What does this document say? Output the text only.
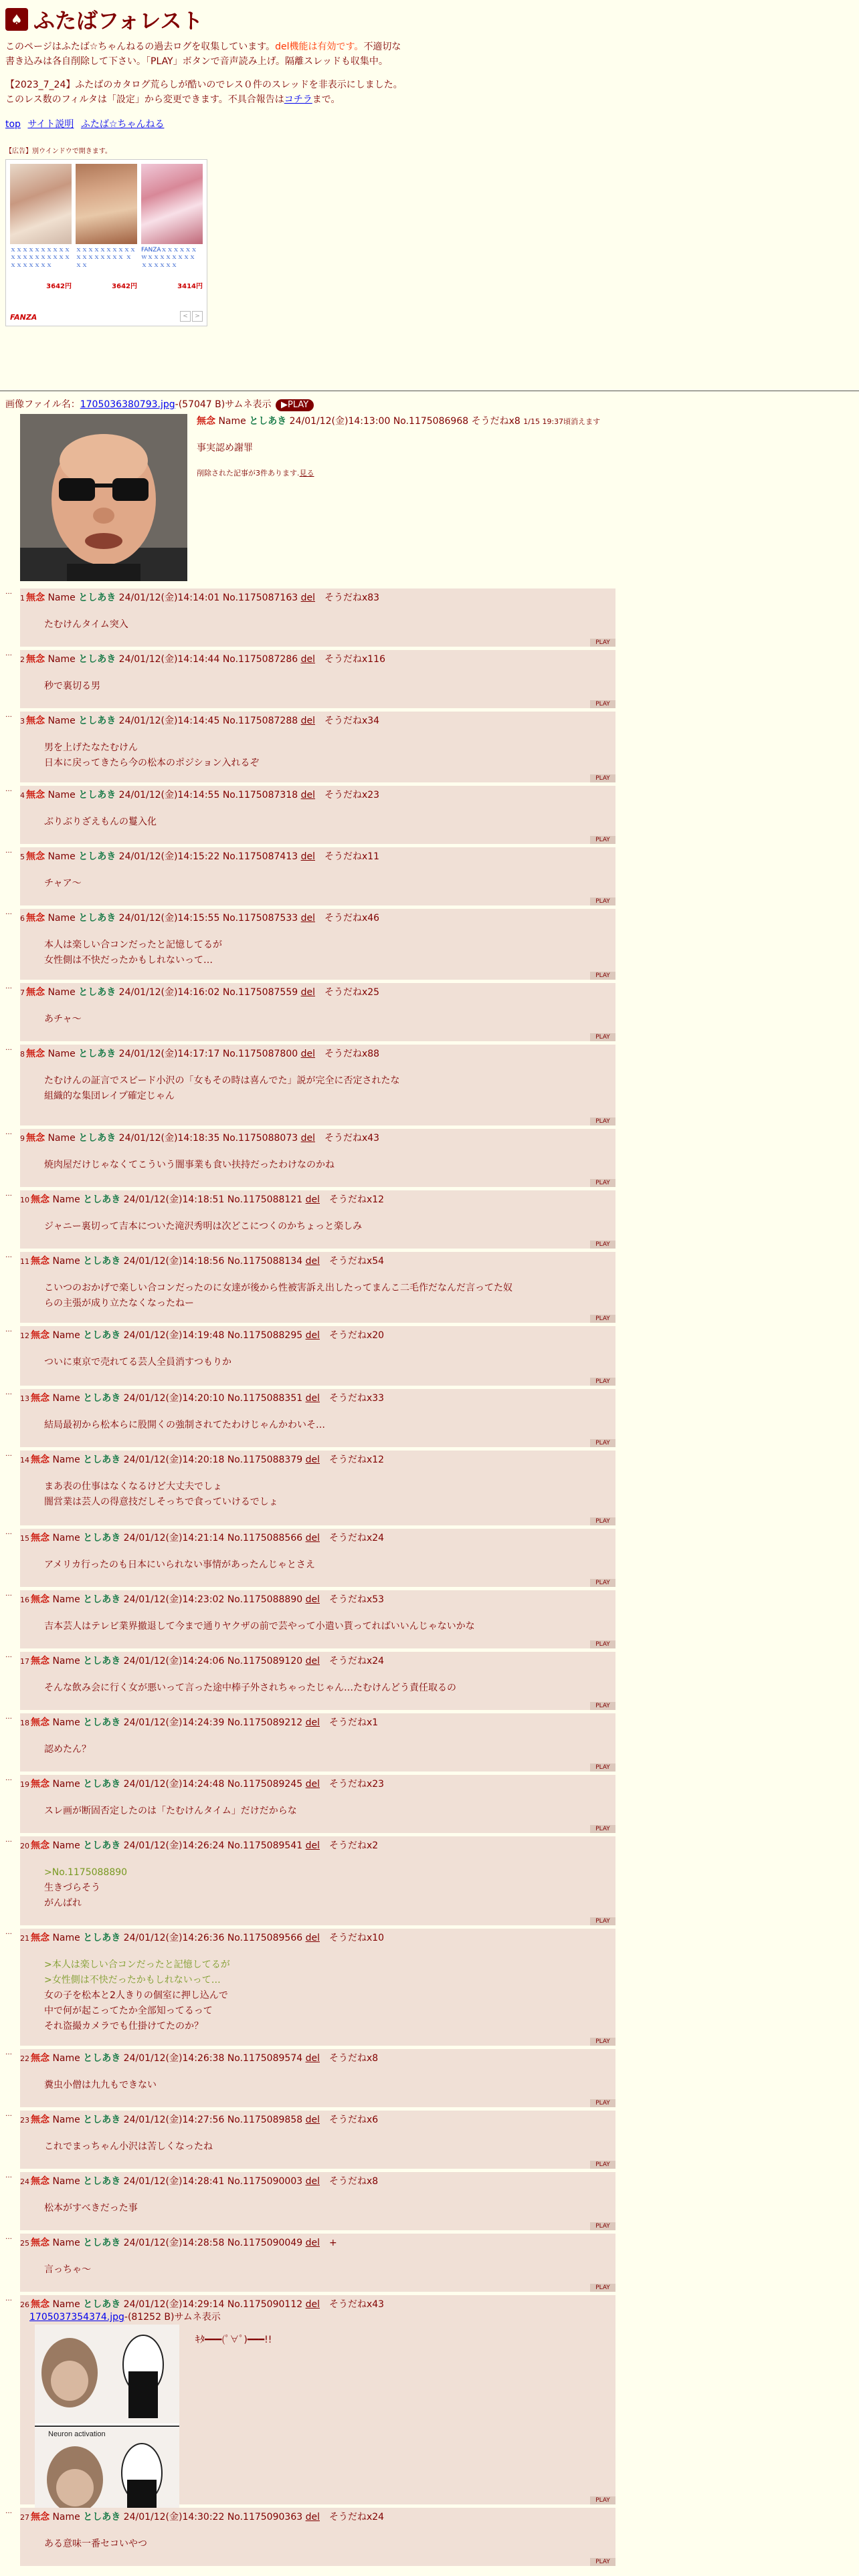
♠ ふたばフォレスト

このページはふたば☆ちゃんねるの過去ログを収集しています。del機能は有効です。不適切な書き込みは各自削除して下さい。「PLAY」ボタンで音声読み上げ。隔離スレッドも収集中。

【2023_7_24】ふたばのカタログ荒らしが酷いのでレス０件のスレッドを非表示にしました。このレス数のフィルタは「設定」から変更できます。不具合報告はコチラまで。

top サイト説明 ふたば☆ちゃんねる
【広告】別ウインドウで開きます。
ｘｘｘｘｘｘｘｘｘｘ ｘｘｘｘｘｘｘｘｘｘ ｘｘｘｘｘｘｘ
3642円
ｘｘｘｘｘｘｘｘｘｘ ｘｘｘｘｘｘｘｘ ｘｘｘ
3642円
FANZAｘｘｘｘｘｘ ｗｘｘｘｘｘｘｘｘ ｘｘｘｘｘｘ
3414円
FANZA	<	>
画像ファイル名：1705036380793.jpg-(57047 B)サムネ表示 ▶PLAY
無念 Name としあき 24/01/12(金)14:13:00 No.1175086968 そうだねx8 1/15 19:37頃消えます

事実認め謝罪

削除された記事が3件あります.見る
…
1 無念 Name としあき 24/01/12(金)14:14:01 No.1175087163 del　 そうだねx83
たむけんタイム突入
PLAY
…
2 無念 Name としあき 24/01/12(金)14:14:44 No.1175087286 del　 そうだねx116
秒で裏切る男
PLAY
…
3 無念 Name としあき 24/01/12(金)14:14:45 No.1175087288 del　 そうだねx34
男を上げたなたむけん
日本に戻ってきたら今の松本のポジション入れるぞ
PLAY
…
4 無念 Name としあき 24/01/12(金)14:14:55 No.1175087318 del　 そうだねx23
ぶりぶりざえもんの鬘入化
PLAY
…
5 無念 Name としあき 24/01/12(金)14:15:22 No.1175087413 del　 そうだねx11
チャア〜
PLAY
…
6 無念 Name としあき 24/01/12(金)14:15:55 No.1175087533 del　 そうだねx46
本人は楽しい合コンだったと記憶してるが
女性側は不快だったかもしれないって…
PLAY
…
7 無念 Name としあき 24/01/12(金)14:16:02 No.1175087559 del　 そうだねx25
あチャ〜
PLAY
…
8 無念 Name としあき 24/01/12(金)14:17:17 No.1175087800 del　 そうだねx88
たむけんの証言でスピード小沢の「女もその時は喜んでた」説が完全に否定されたな
組織的な集団レイプ確定じゃん
PLAY
…
9 無念 Name としあき 24/01/12(金)14:18:35 No.1175088073 del　 そうだねx43
焼肉屋だけじゃなくてこういう闇事業も食い扶持だったわけなのかね
PLAY
…
10 無念 Name としあき 24/01/12(金)14:18:51 No.1175088121 del　 そうだねx12
ジャニー裏切って吉本についた滝沢秀明は次どこにつくのかちょっと楽しみ
PLAY
…
11 無念 Name としあき 24/01/12(金)14:18:56 No.1175088134 del　 そうだねx54
こいつのおかげで楽しい合コンだったのに女達が後から性被害訴え出したってまんこ二毛作だなんだ言ってた奴
らの主張が成り立たなくなったねー
PLAY
…
12 無念 Name としあき 24/01/12(金)14:19:48 No.1175088295 del　 そうだねx20
ついに東京で売れてる芸人全員消すつもりか
PLAY
…
13 無念 Name としあき 24/01/12(金)14:20:10 No.1175088351 del　 そうだねx33
結局最初から松本らに股開くの強制されてたわけじゃんかわいそ…
PLAY
…
14 無念 Name としあき 24/01/12(金)14:20:18 No.1175088379 del　 そうだねx12
まあ表の仕事はなくなるけど大丈夫でしょ
闇営業は芸人の得意技だしそっちで食っていけるでしょ
PLAY
…
15 無念 Name としあき 24/01/12(金)14:21:14 No.1175088566 del　 そうだねx24
アメリカ行ったのも日本にいられない事情があったんじゃとさえ
PLAY
…
16 無念 Name としあき 24/01/12(金)14:23:02 No.1175088890 del　 そうだねx53
吉本芸人はテレビ業界撤退して今まで通りヤクザの前で芸やって小遣い貰ってればいいんじゃないかな
PLAY
…
17 無念 Name としあき 24/01/12(金)14:24:06 No.1175089120 del　 そうだねx24
そんな飲み会に行く女が悪いって言った途中棒子外されちゃったじゃん…たむけんどう責任取るの
PLAY
…
18 無念 Name としあき 24/01/12(金)14:24:39 No.1175089212 del　 そうだねx1
認めたん？
PLAY
…
19 無念 Name としあき 24/01/12(金)14:24:48 No.1175089245 del　 そうだねx23
スレ画が断固否定したのは「たむけんタイム」だけだからな
PLAY
…
20 無念 Name としあき 24/01/12(金)14:26:24 No.1175089541 del　 そうだねx2
>No.1175088890
生きづらそう
がんばれ
PLAY
…
21 無念 Name としあき 24/01/12(金)14:26:36 No.1175089566 del　 そうだねx10
>本人は楽しい合コンだったと記憶してるが
>女性側は不快だったかもしれないって…
女の子を松本と2人きりの個室に押し込んで
中で何が起こってたか全部知ってるって
それ盗撮カメラでも仕掛けてたのか？
PLAY
…
22 無念 Name としあき 24/01/12(金)14:26:38 No.1175089574 del　 そうだねx8
糞虫小僧は九九もできない
PLAY
…
23 無念 Name としあき 24/01/12(金)14:27:56 No.1175089858 del　 そうだねx6
これでまっちゃん小沢は苦しくなったね
PLAY
…
24 無念 Name としあき 24/01/12(金)14:28:41 No.1175090003 del　 そうだねx8
松本がすべきだった事
PLAY
…
25 無念 Name としあき 24/01/12(金)14:28:58 No.1175090049 del　 +
言っちゃ〜
PLAY
…
26 無念 Name としあき 24/01/12(金)14:29:14 No.1175090112 del　 そうだねx43
1705037354374.jpg-(81252 B)サムネ表示
Neuron activation
ｷﾀ━━━(ﾟ∀ﾟ)━━━!!
PLAY
…
27 無念 Name としあき 24/01/12(金)14:30:22 No.1175090363 del　 そうだねx24
ある意味一番セコいやつ
PLAY
